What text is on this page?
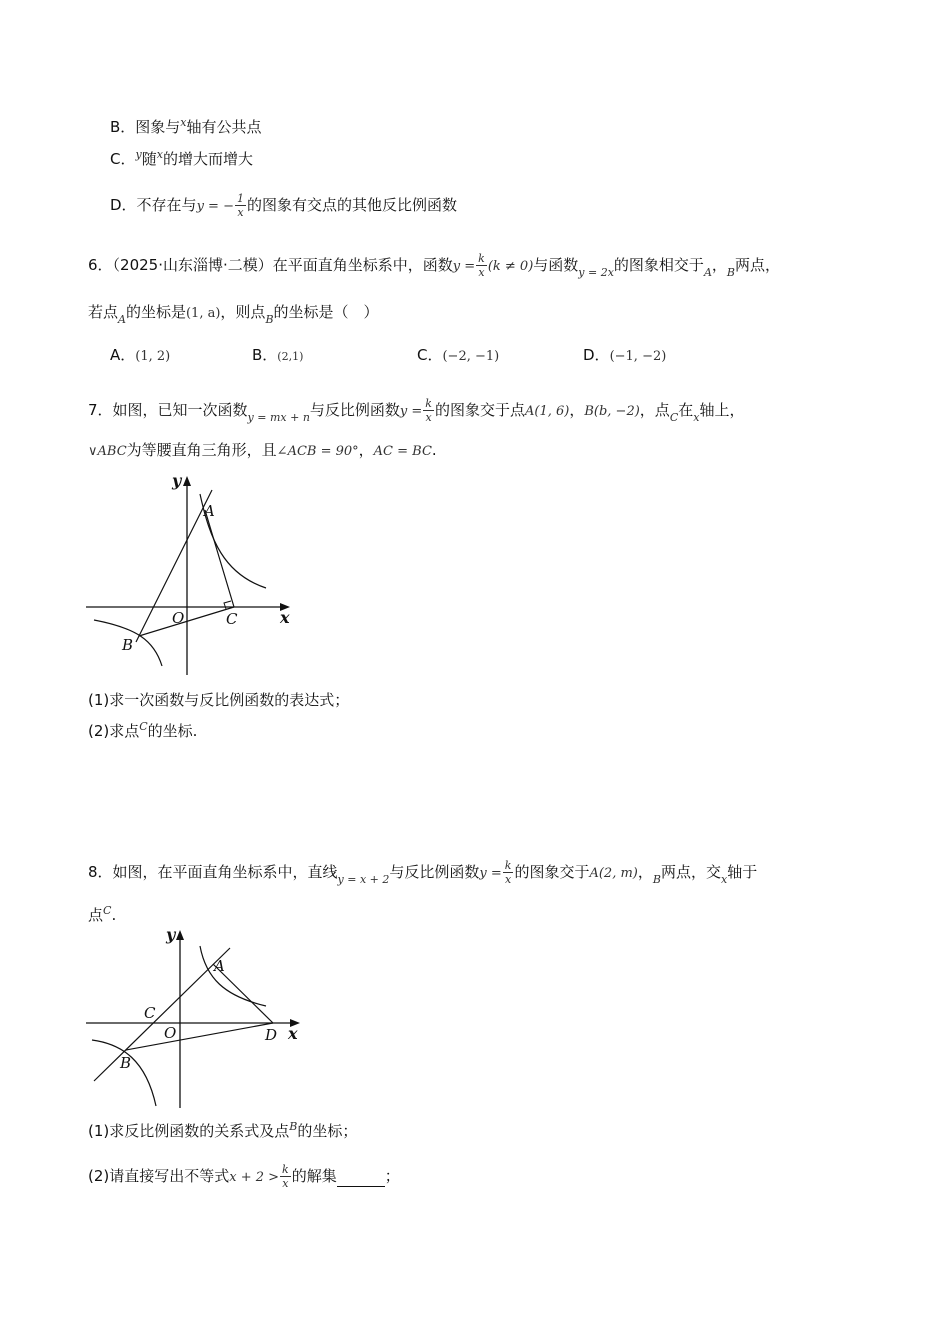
B．图象与$^x$轴有公共点
C．$^y$随$^x$的增大而增大
D．不存在与y = − $\frac{1}{x}$ 的图象有交点的其他反比例函数
6．（2025·山东淄博·二模）在平面直角坐标系中，函数$y = \frac{k}{x} (k \ne 0)$与函数$_{y = 2x}$的图象相交于$_A$，$_B$两点，
若点$_A$的坐标是(1, a)，则点$_B$的坐标是（　）
A．(1, 2)	B．(2,1)	C．(−2, −1)	D．(−1, −2)
7．如图，已知一次函数$_{y = mx + n}$与反比例函数$y = \frac{k}{x}$ 的图象交于点A(1, 6)，B(b, −2)，点$_C$在$_x$轴上，
∨ABC为等腰直角三角形，且∠ACB = 90°，AC = BC.
y
x
A
O	C
B
(1)求一次函数与反比例函数的表达式；
(2)求点$^C$的坐标.
8．如图，在平面直角坐标系中，直线$_{y = x + 2}$与反比例函数$y = \frac{k}{x}$ 的图象交于A(2, m)，$_B$两点，交$_x$轴于
点$^C$.
y
x
A
C
O	D
B
(1)求反比例函数的关系式及点$^B$的坐标；
(2)请直接写出不等式$x + 2 > \frac{k}{x}$ 的解集	；
